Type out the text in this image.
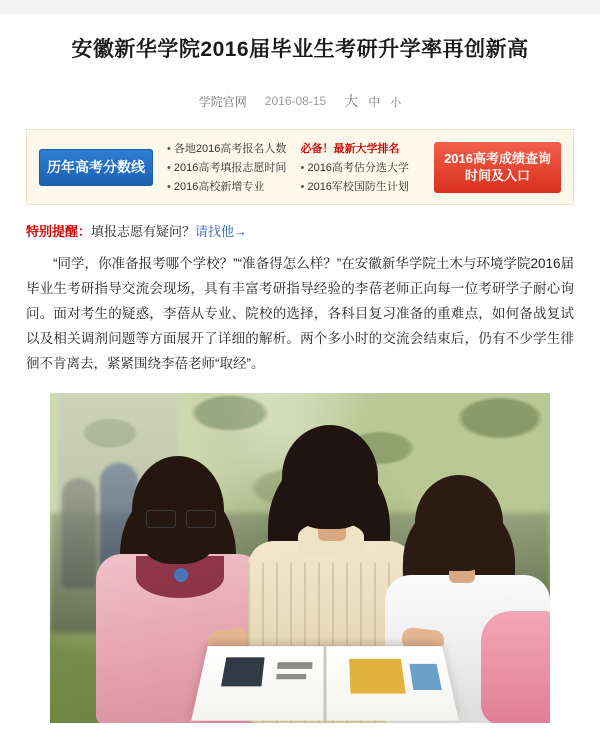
安徽新华学院2016届毕业生考研升学率再创新高
学院官网 2016-08-15 大 中 小
历年高考分数线
• 各地2016高考报名人数	必备！最新大学排名
• 2016高考填报志愿时间	• 2016高考估分选大学
• 2016高校新增专业	• 2016军校国防生计划
2016高考成绩查询
时间及入口
特别提醒：填报志愿有疑问？请找他→

“同学，你准备报考哪个学校？”“准备得怎么样？”在安徽新华学院土木与环境学院2016届毕业生考研指导交流会现场，具有丰富考研指导经验的李蓓老师正向每一位考研学子耐心询问。面对考生的疑惑，李蓓从专业、院校的选择，各科目复习准备的重难点，如何备战复试以及相关调剂问题等方面展开了详细的解析。两个多小时的交流会结束后，仍有不少学生徘徊不肯离去，紧紧围绕李蓓老师“取经”。
